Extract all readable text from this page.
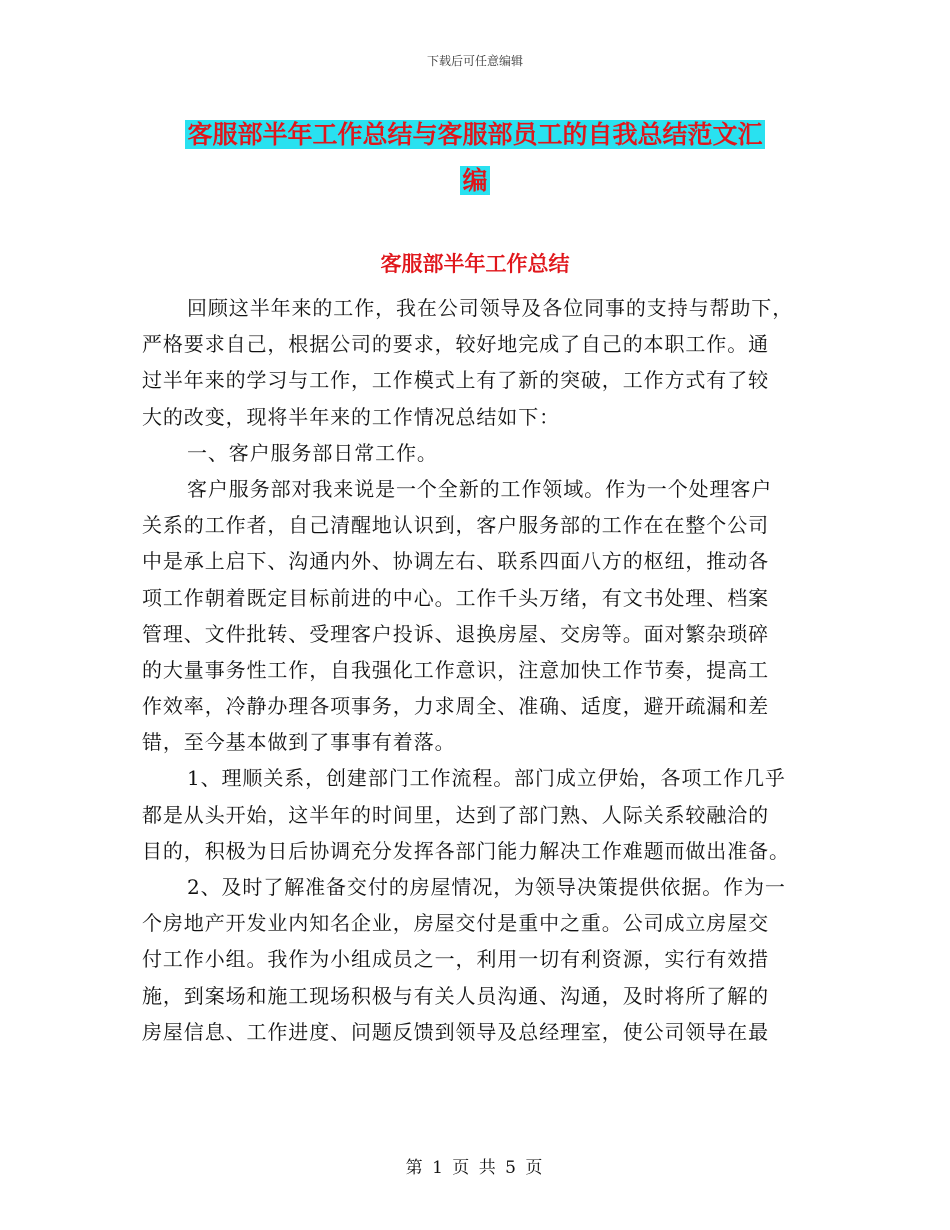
下载后可任意编辑
客服部半年工作总结与客服部员工的自我总结范文汇
编
客服部半年工作总结
回顾这半年来的工作，我在公司领导及各位同事的支持与帮助下，
严格要求自己，根据公司的要求，较好地完成了自己的本职工作。通
过半年来的学习与工作，工作模式上有了新的突破，工作方式有了较
大的改变，现将半年来的工作情况总结如下：
一、客户服务部日常工作。
客户服务部对我来说是一个全新的工作领域。作为一个处理客户
关系的工作者，自己清醒地认识到，客户服务部的工作在在整个公司
中是承上启下、沟通内外、协调左右、联系四面八方的枢纽，推动各
项工作朝着既定目标前进的中心。工作千头万绪，有文书处理、档案
管理、文件批转、受理客户投诉、退换房屋、交房等。面对繁杂琐碎
的大量事务性工作，自我强化工作意识，注意加快工作节奏，提高工
作效率，冷静办理各项事务，力求周全、准确、适度，避开疏漏和差
错，至今基本做到了事事有着落。
1、理顺关系，创建部门工作流程。部门成立伊始，各项工作几乎
都是从头开始，这半年的时间里，达到了部门熟、人际关系较融洽的
目的，积极为日后协调充分发挥各部门能力解决工作难题而做出准备。
2、及时了解准备交付的房屋情况，为领导决策提供依据。作为一
个房地产开发业内知名企业，房屋交付是重中之重。公司成立房屋交
付工作小组。我作为小组成员之一，利用一切有利资源，实行有效措
施，到案场和施工现场积极与有关人员沟通、沟通，及时将所了解的
房屋信息、工作进度、问题反馈到领导及总经理室，使公司领导在最
第 1 页 共 5 页
